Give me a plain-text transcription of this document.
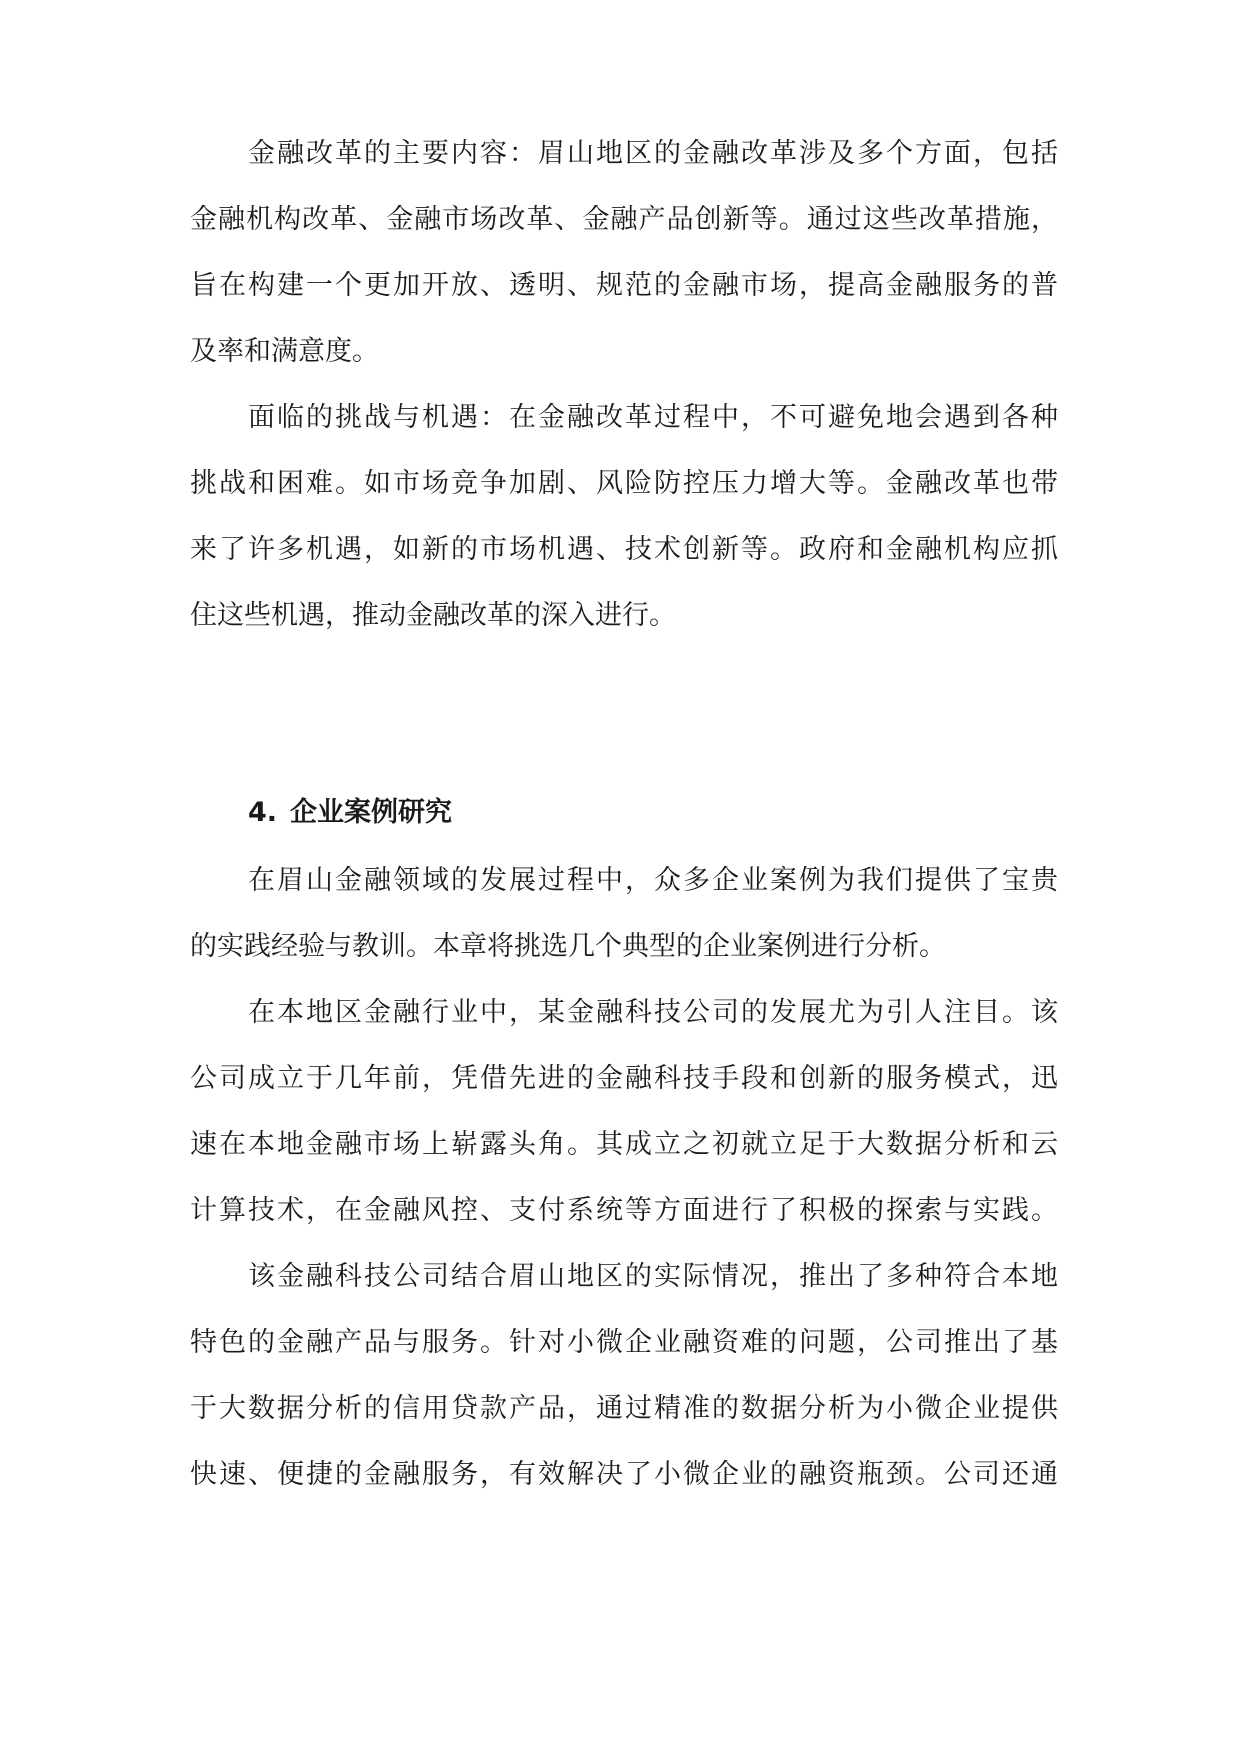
金融改革的主要内容：眉山地区的金融改革涉及多个方面，包括
金融机构改革、金融市场改革、金融产品创新等。通过这些改革措施，
旨在构建一个更加开放、透明、规范的金融市场，提高金融服务的普
及率和满意度。
面临的挑战与机遇：在金融改革过程中，不可避免地会遇到各种
挑战和困难。如市场竞争加剧、风险防控压力增大等。金融改革也带
来了许多机遇，如新的市场机遇、技术创新等。政府和金融机构应抓
住这些机遇，推动金融改革的深入进行。
4. 企业案例研究
在眉山金融领域的发展过程中，众多企业案例为我们提供了宝贵
的实践经验与教训。本章将挑选几个典型的企业案例进行分析。
在本地区金融行业中，某金融科技公司的发展尤为引人注目。该
公司成立于几年前，凭借先进的金融科技手段和创新的服务模式，迅
速在本地金融市场上崭露头角。其成立之初就立足于大数据分析和云
计算技术，在金融风控、支付系统等方面进行了积极的探索与实践。
该金融科技公司结合眉山地区的实际情况，推出了多种符合本地
特色的金融产品与服务。针对小微企业融资难的问题，公司推出了基
于大数据分析的信用贷款产品，通过精准的数据分析为小微企业提供
快速、便捷的金融服务，有效解决了小微企业的融资瓶颈。公司还通
